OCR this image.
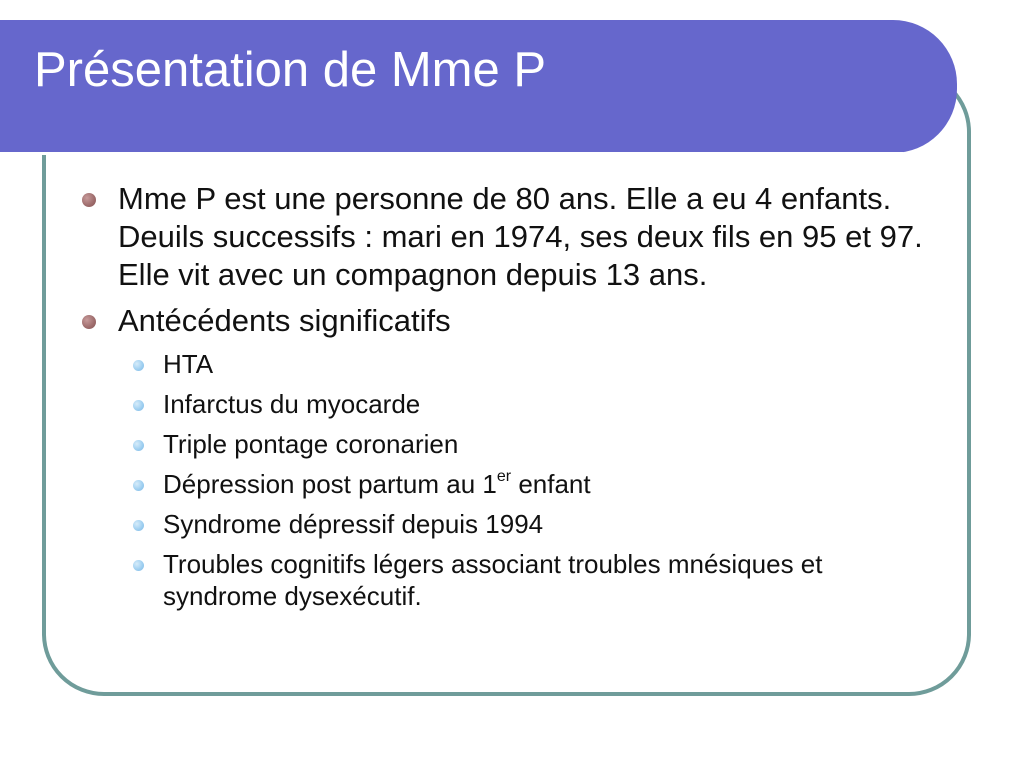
Présentation de Mme P
Mme P est une personne de 80 ans. Elle a eu 4 enfants. Deuils successifs : mari en 1974, ses deux fils en 95 et 97. Elle vit avec un compagnon depuis 13 ans.
Antécédents significatifs
HTA
Infarctus du myocarde
Triple pontage coronarien
Dépression post partum au 1er enfant
Syndrome dépressif depuis 1994
Troubles cognitifs légers associant troubles mnésiques et syndrome dysexécutif.
